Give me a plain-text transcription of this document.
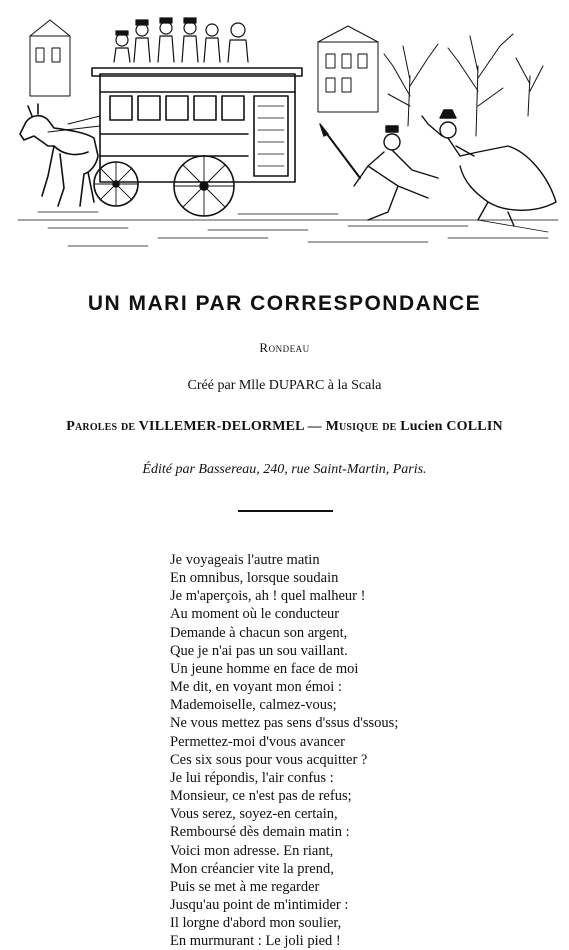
UN MARI PAR CORRESPONDANCE
Rondeau
Créé par Mlle DUPARC à la Scala
Paroles de VILLEMER-DELORMEL — Musique de Lucien COLLIN
Édité par Bassereau, 240, rue Saint-Martin, Paris.
Je voyageais l'autre matin
En omnibus, lorsque soudain
Je m'aperçois, ah ! quel malheur !
Au moment où le conducteur
Demande à chacun son argent,
Que je n'ai pas un sou vaillant.
Un jeune homme en face de moi
Me dit, en voyant mon émoi :
Mademoiselle, calmez-vous;
Ne vous mettez pas sens d'ssus d'ssous;
Permettez-moi d'vous avancer
Ces six sous pour vous acquitter ?
Je lui répondis, l'air confus :
Monsieur, ce n'est pas de refus;
Vous serez, soyez-en certain,
Remboursé dès demain matin :
Voici mon adresse. En riant,
Mon créancier vite la prend,
Puis se met à me regarder
Jusqu'au point de m'intimider :
Il lorgne d'abord mon soulier,
En murmurant : Le joli pied !
